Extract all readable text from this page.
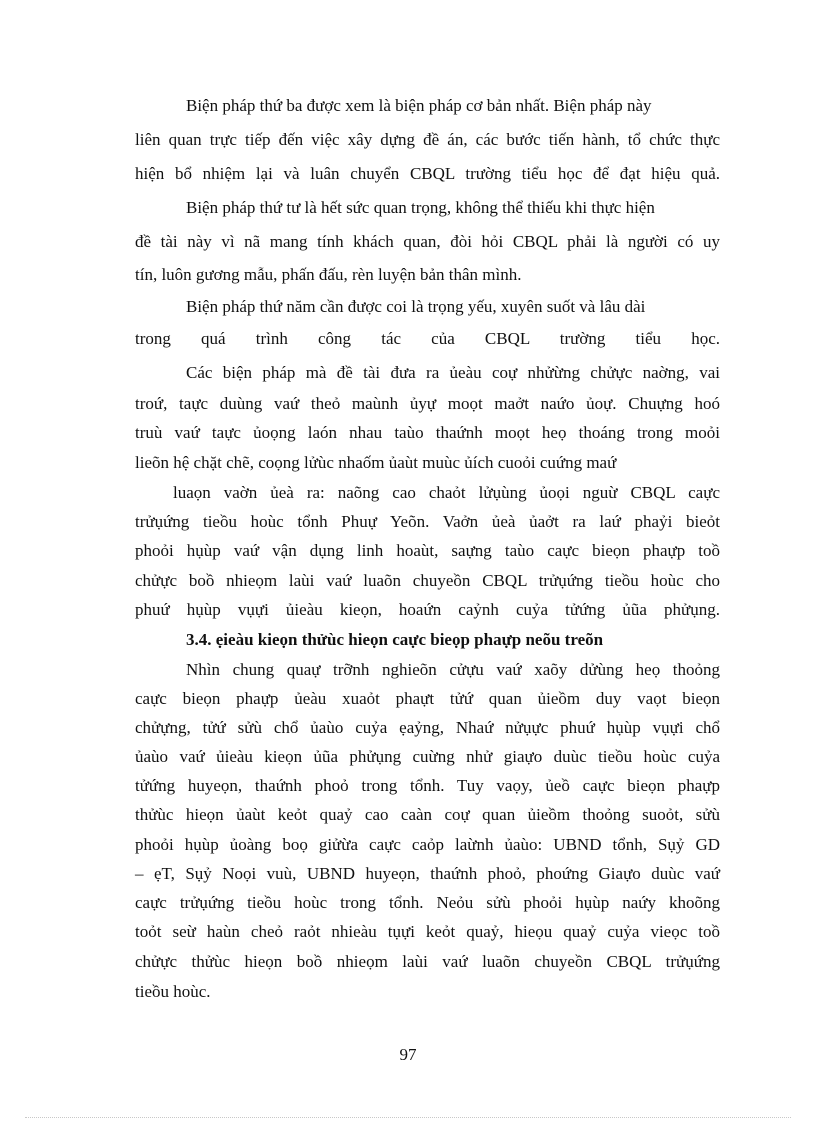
Biện pháp thứ ba được xem là biện pháp cơ bản nhất. Biện pháp này
liên quan trực tiếp đến việc xây dựng đề án, các bước tiến hành, tổ chức thực
hiện bổ nhiệm lại và luân chuyển CBQL trường tiểu học để đạt hiệu quả.
Biện pháp thứ tư là hết sức quan trọng, không thể thiếu khi thực hiện
đề tài này vì nã mang tính khách quan, đòi hỏi CBQL phải là người có uy
tín, luôn gương mẫu, phấn đấu, rèn luyện bản thân mình.
Biện pháp thứ năm cần được coi là trọng yếu, xuyên suốt và lâu dài
trong quá trình công tác của CBQL trường tiểu học.
Các biện pháp mà đề tài đưa ra ủeàu coự nhửừng chửực naờng, vai
troứ, taực duùng vaứ theỏ maùnh ủyự moọt maởt naứo ủoự. Chuựng hoó
truù vaứ taực ủoọng laón nhau taùo thaứnh moọt heọ thoáng trong moỏi
lieõn hệ chặt chẽ, coọng lửùc nhaốm ủaùt muùc ủích cuoỏi cuứng maứ
luaọn vaờn ủeà ra: naõng cao chaỏt lửụùng ủoọi nguừ CBQL caực
trửụứng tieồu hoùc tổnh Phuự Yeõn. Vaởn ủeà ủaởt ra laứ phaỷi bieỏt
phoỏi hụùp vaứ vận dụng linh hoaùt, saựng taùo caực bieọn phaựp toồ
chửực boồ nhieọm laùi vaứ luaõn chuyeồn CBQL trửụứng tieồu hoùc cho
phuứ hụùp vụựi ủieàu kieọn, hoaứn caỷnh cuỷa tửứng ủũa phửụng.
3.4. ẹieàu kieọn thửùc hieọn caực bieọp phaựp neõu treõn
Nhìn chung quaự trỡnh nghieõn cửựu vaứ xaõy dửùng heọ thoỏng
caực bieọn phaựp ủeàu xuaỏt phaựt tửứ quan ủieồm duy vaọt bieọn
chửựng, tửứ sửù chổ ủaùo cuỷa ẹaỷng, Nhaứ nửụực phuứ hụùp vụựi chổ
ủaùo vaứ ủieàu kieọn ủũa phửụng cuừng nhử giaựo duùc tieồu hoùc cuỷa
tửứng huyeọn, thaứnh phoỏ trong tổnh. Tuy vaọy, ủeồ caực bieọn phaựp
thửùc hieọn ủaùt keỏt quaỷ cao caàn coự quan ủieồm thoỏng suoỏt, sửù
phoỏi hụùp ủoàng boọ giửừa caực caỏp laừnh ủaùo: UBND tổnh, Sụỷ GD
– ẹT, Sụỷ Noọi vuù, UBND huyeọn, thaứnh phoỏ, phoứng Giaựo duùc vaứ
caực trửụứng tieồu hoùc trong tổnh. Neỏu sửù phoỏi hụùp naứy khoõng
toỏt seừ haùn cheỏ raỏt nhieàu tụựi keỏt quaỷ, hieọu quaỷ cuỷa vieọc toồ
chửực thửùc hieọn boồ nhieọm laùi vaứ luaõn chuyeồn CBQL trửụứng
tieồu hoùc.
97
